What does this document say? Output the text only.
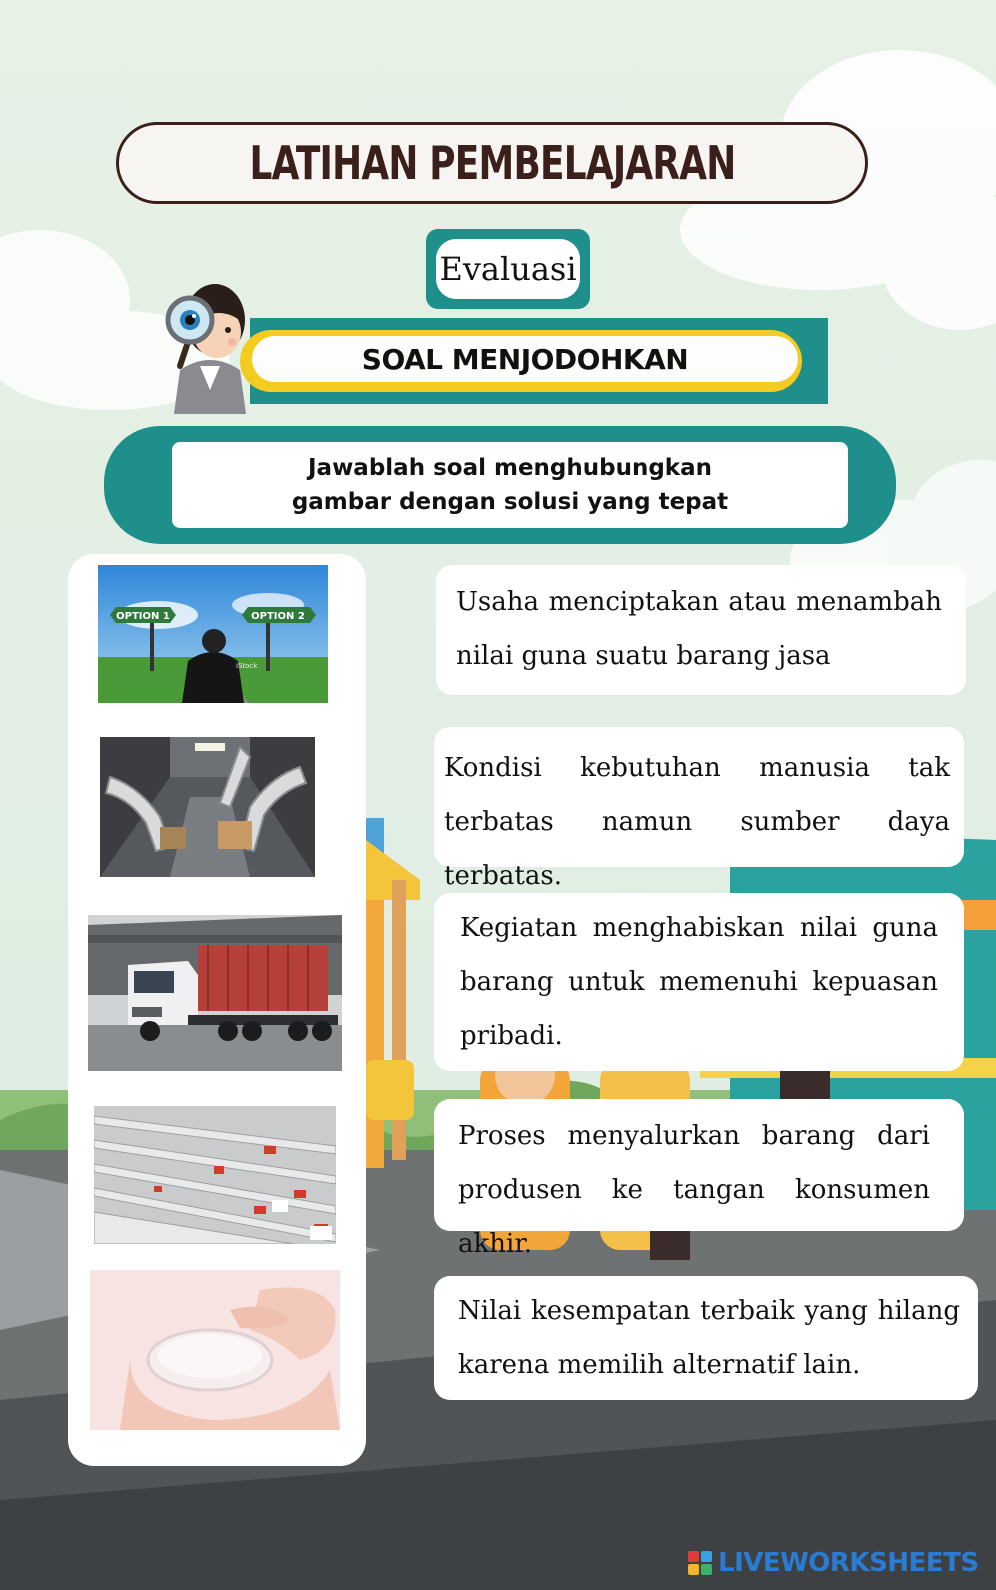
LATIHAN PEMBELAJARAN
Evaluasi
SOAL MENJODOHKAN
Jawablah soal menghubungkan
gambar dengan solusi yang tepat
OPTION 1	OPTION 2
iStock
Usaha menciptakan atau menambah
nilai guna suatu barang jasa
Kondisi kebutuhan manusia tak
terbatas namun sumber daya terbatas.
Kegiatan menghabiskan nilai guna
barang untuk memenuhi kepuasan
pribadi.
Proses menyalurkan barang dari
produsen ke tangan konsumen akhir.
Nilai kesempatan terbaik yang hilang
karena memilih alternatif lain.
LIVEWORKSHEETS
